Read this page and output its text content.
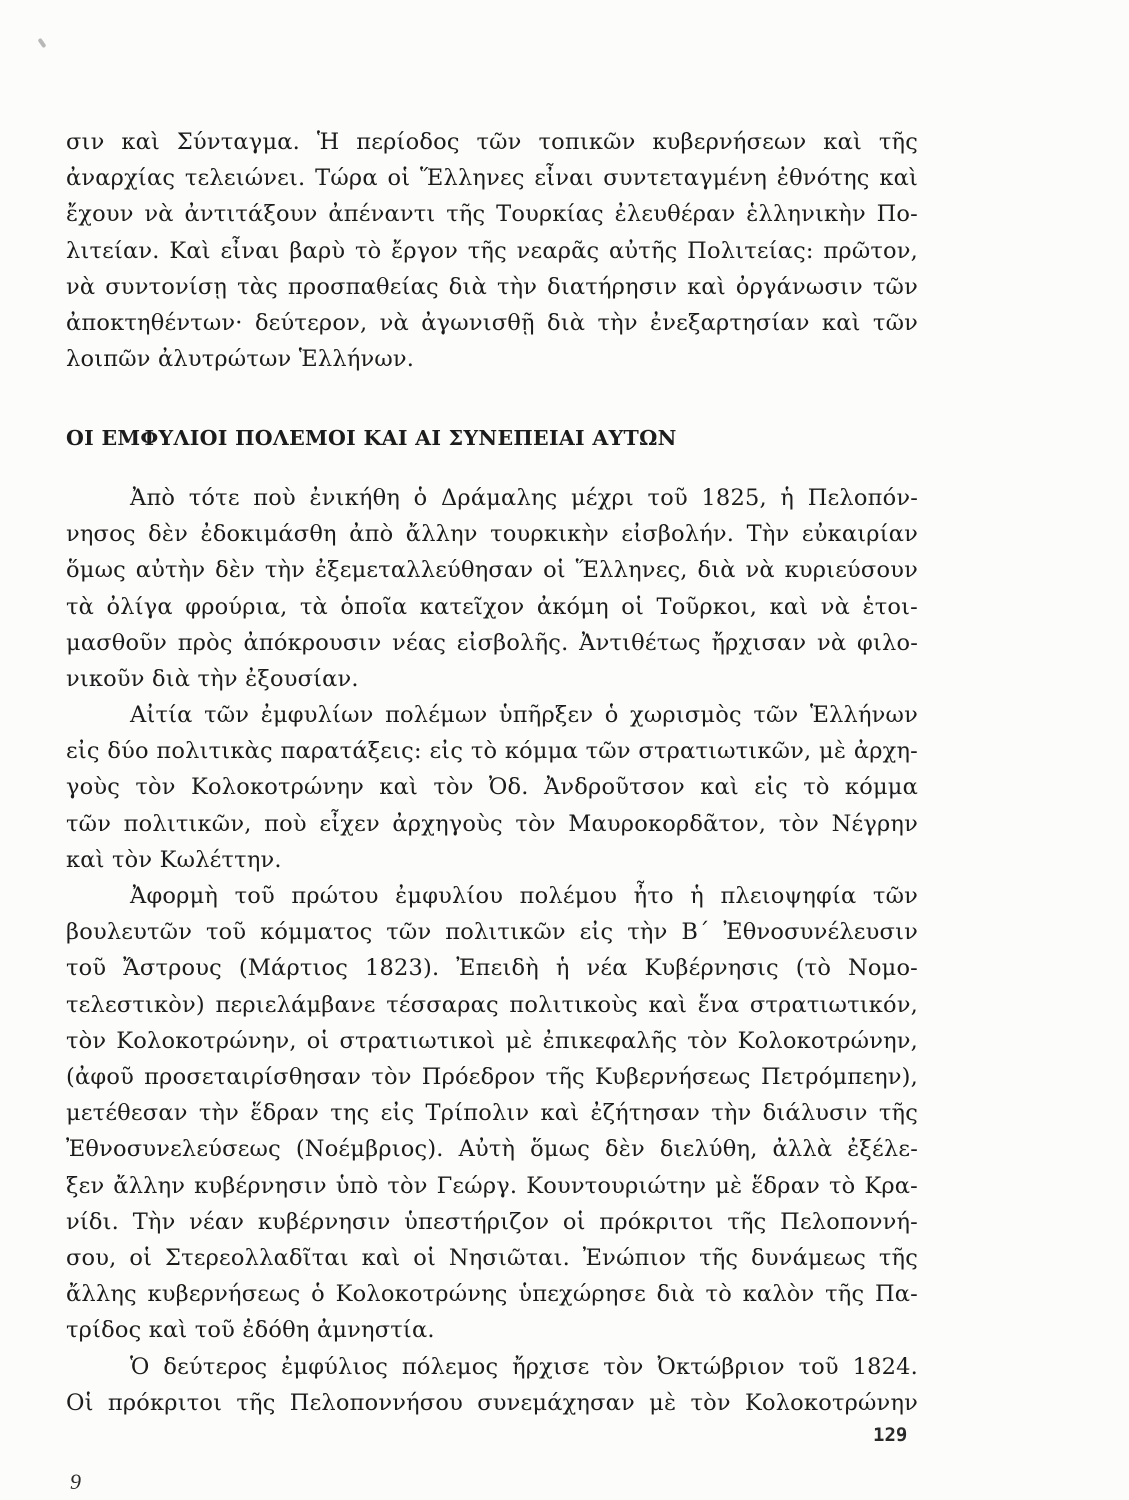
σιν καὶ Σύνταγμα. Ἡ περίοδος τῶν τοπικῶν κυβερνήσεων καὶ τῆς
ἀναρχίας τελειώνει. Τώρα οἱ Ἕλληνες εἶναι συντεταγμένη ἐθνότης καὶ
ἔχουν νὰ ἀντιτάξουν ἀπέναντι τῆς Τουρκίας ἐλευθέραν ἑλληνικὴν Πο-
λιτείαν. Καὶ εἶναι βαρὺ τὸ ἔργον τῆς νεαρᾶς αὐτῆς Πολιτείας: πρῶτον,
νὰ συντονίσῃ τὰς προσπαθείας διὰ τὴν διατήρησιν καὶ ὀργάνωσιν τῶν
ἀποκτηθέντων· δεύτερον, νὰ ἀγωνισθῇ διὰ τὴν ἐνεξαρτησίαν καὶ τῶν
λοιπῶν ἀλυτρώτων Ἑλλήνων.
ΟΙ ΕΜΦΥΛΙΟΙ ΠΟΛΕΜΟΙ ΚΑΙ ΑΙ ΣΥΝΕΠΕΙΑΙ ΑΥΤΩΝ
Ἀπὸ τότε ποὺ ἐνικήθη ὁ Δράμαλης μέχρι τοῦ 1825, ἡ Πελοπόν-
νησος δὲν ἐδοκιμάσθη ἀπὸ ἄλλην τουρκικὴν εἰσβολήν. Τὴν εὐκαιρίαν
ὅμως αὐτὴν δὲν τὴν ἐξεμεταλλεύθησαν οἱ Ἕλληνες, διὰ νὰ κυριεύσουν
τὰ ὀλίγα φρούρια, τὰ ὁποῖα κατεῖχον ἀκόμη οἱ Τοῦρκοι, καὶ νὰ ἑτοι-
μασθοῦν πρὸς ἀπόκρουσιν νέας εἰσβολῆς. Ἀντιθέτως ἤρχισαν νὰ φιλο-
νικοῦν διὰ τὴν ἐξουσίαν.
Αἰτία τῶν ἐμφυλίων πολέμων ὑπῆρξεν ὁ χωρισμὸς τῶν Ἑλλήνων
εἰς δύο πολιτικὰς παρατάξεις: εἰς τὸ κόμμα τῶν στρατιωτικῶν, μὲ ἀρχη-
γοὺς τὸν Κολοκοτρώνην καὶ τὸν Ὀδ. Ἀνδροῦτσον καὶ εἰς τὸ κόμμα
τῶν πολιτικῶν, ποὺ εἶχεν ἀρχηγοὺς τὸν Μαυροκορδᾶτον, τὸν Νέγρην
καὶ τὸν Κωλέττην.
Ἀφορμὴ τοῦ πρώτου ἐμφυλίου πολέμου ἦτο ἡ πλειοψηφία τῶν
βουλευτῶν τοῦ κόμματος τῶν πολιτικῶν εἰς τὴν Β΄ Ἐθνοσυνέλευσιν
τοῦ Ἄστρους (Μάρτιος 1823). Ἐπειδὴ ἡ νέα Κυβέρνησις (τὸ Νομο-
τελεστικὸν) περιελάμβανε τέσσαρας πολιτικοὺς καὶ ἕνα στρατιωτικόν,
τὸν Κολοκοτρώνην, οἱ στρατιωτικοὶ μὲ ἐπικεφαλῆς τὸν Κολοκοτρώνην,
(ἀφοῦ προσεταιρίσθησαν τὸν Πρόεδρον τῆς Κυβερνήσεως Πετρόμπεην),
μετέθεσαν τὴν ἕδραν της εἰς Τρίπολιν καὶ ἐζήτησαν τὴν διάλυσιν τῆς
Ἐθνοσυνελεύσεως (Νοέμβριος). Αὐτὴ ὅμως δὲν διελύθη, ἀλλὰ ἐξέλε-
ξεν ἄλλην κυβέρνησιν ὑπὸ τὸν Γεώργ. Κουντουριώτην μὲ ἕδραν τὸ Κρα-
νίδι. Τὴν νέαν κυβέρνησιν ὑπεστήριζον οἱ πρόκριτοι τῆς Πελοποννή-
σου, οἱ Στερεολλαδῖται καὶ οἱ Νησιῶται. Ἐνώπιον τῆς δυνάμεως τῆς
ἄλλης κυβερνήσεως ὁ Κολοκοτρώνης ὑπεχώρησε διὰ τὸ καλὸν τῆς Πα-
τρίδος καὶ τοῦ ἐδόθη ἀμνηστία.
Ὁ δεύτερος ἐμφύλιος πόλεμος ἤρχισε τὸν Ὀκτώβριον τοῦ 1824.
Οἱ πρόκριτοι τῆς Πελοποννήσου συνεμάχησαν μὲ τὸν Κολοκοτρώνην
129
9
